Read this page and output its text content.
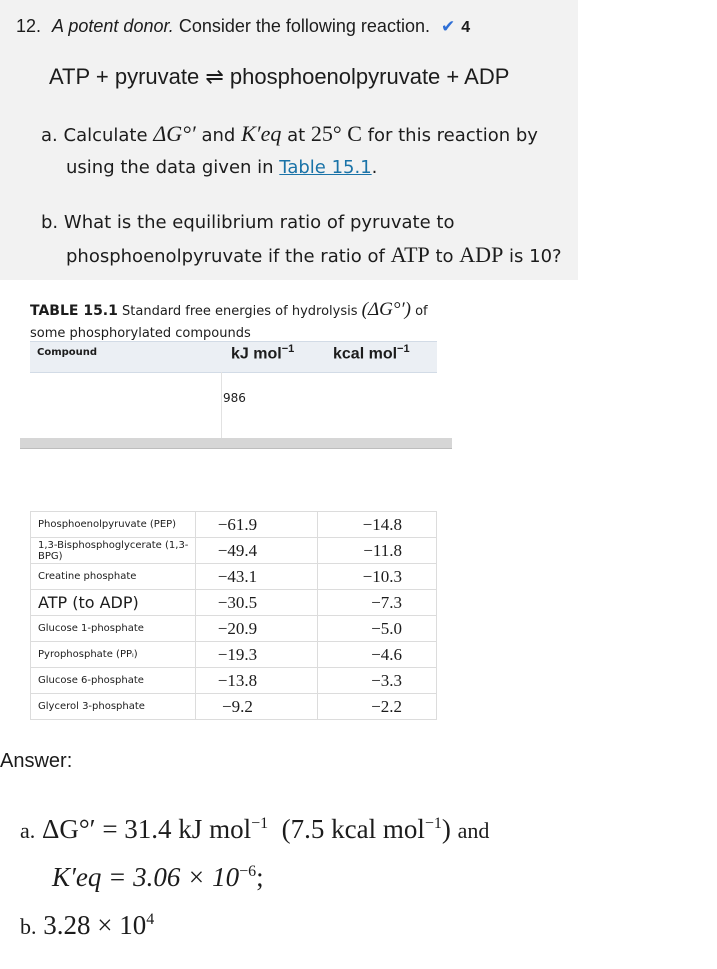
12. A potent donor. Consider the following reaction. ✔ 4
ATP + pyruvate ⇌ phosphoenolpyruvate + ADP
a. Calculate ΔG°′ and K′eq at 25° C for this reaction by
using the data given in Table 15.1.
b. What is the equilibrium ratio of pyruvate to
phosphoenolpyruvate if the ratio of ATP to ADP is 10?
TABLE 15.1 Standard free energies of hydrolysis (ΔG°′) of some phosphorylated compounds
Compound	kJ mol$^{-1}$ kcal mol$^{-1}$
986
Phosphoenolpyruvate (PEP)	−61.9	−14.8
1,3-Bisphosphoglycerate (1,3-BPG)	−49.4	−11.8
Creatine phosphate	−43.1	−10.3
ATP (to ADP)	−30.5	−7.3
Glucose 1-phosphate	−20.9	−5.0
Pyrophosphate (PPᵢ)	−19.3	−4.6
Glucose 6-phosphate	−13.8	−3.3
Glycerol 3-phosphate	−9.2	−2.2
Answer:
a. ΔG°′ = 31.4 kJ mol$^{-1}$ (7.5 kcal mol$^{-1}$) and
$K'eq = 3.06 \times 10^{-6}$;
b. $3.28 \times 10^4$
